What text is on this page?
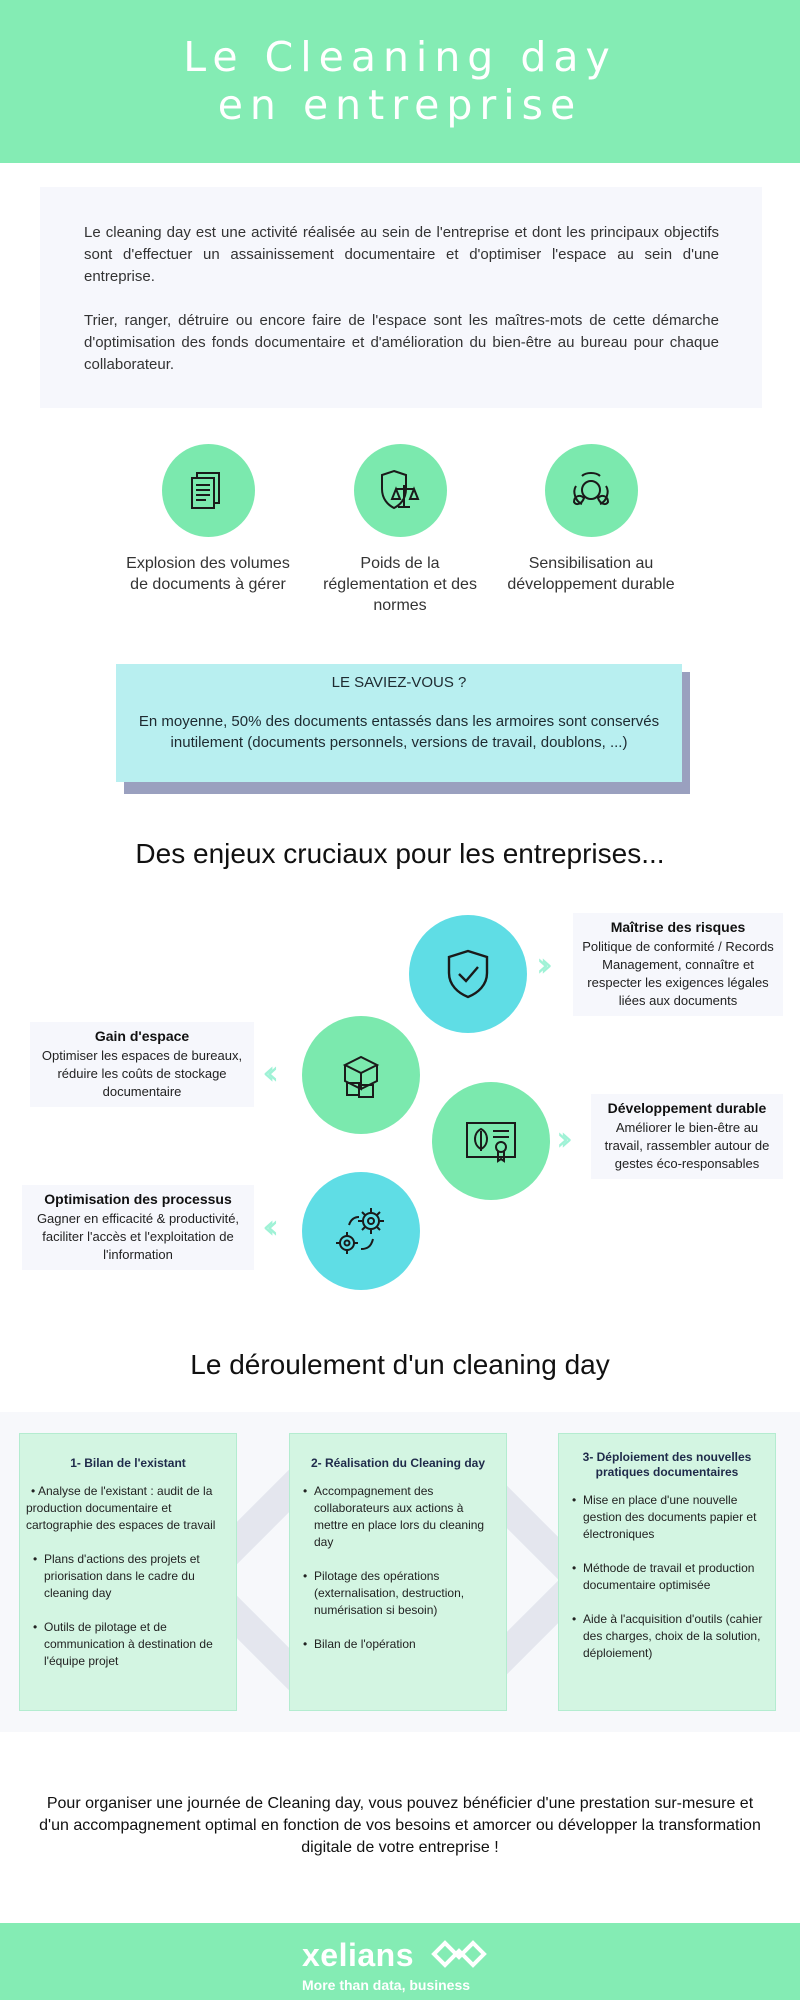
Le Cleaning day
en entreprise

Le cleaning day est une activité réalisée au sein de l'entreprise et dont les principaux objectifs sont d'effectuer un assainissement documentaire et d'optimiser l'espace au sein d'une entreprise.

Trier, ranger, détruire ou encore faire de l'espace sont les maîtres-mots de cette démarche d'optimisation des fonds documentaire et d'amélioration du bien-être au bureau pour chaque collaborateur.

Explosion des volumes de documents à gérer
Poids de la réglementation et des normes
Sensibilisation au développement durable
LE SAVIEZ-VOUS ?
En moyenne, 50% des documents entassés dans les armoires sont conservés inutilement (documents personnels, versions de travail, doublons, ...)
Des enjeux cruciaux pour les entreprises...
››
Maîtrise des risques
Politique de conformité / Records Management, connaître et respecter les exigences légales liées aux documents
‹‹
Gain d'espace
Optimiser les espaces de bureaux, réduire les coûts de stockage documentaire
››
Développement durable
Améliorer le bien-être au travail, rassembler autour de gestes éco-responsables
‹‹
Optimisation des processus
Gagner en efficacité & productivité, faciliter l'accès et l'exploitation de l'information
Le déroulement d'un cleaning day
1- Bilan de l'existant
• Analyse de l'existant : audit de la production documentaire et cartographie des espaces de travail
• Plans d'actions des projets et priorisation dans le cadre du cleaning day
• Outils de pilotage et de communication à destination de l'équipe projet
2- Réalisation du Cleaning day
• Accompagnement des collaborateurs aux actions à mettre en place lors du cleaning day
• Pilotage des opérations (externalisation, destruction, numérisation si besoin)
• Bilan de l'opération
3- Déploiement des nouvelles pratiques documentaires
• Mise en place d'une nouvelle gestion des documents papier et électroniques
• Méthode de travail et production documentaire optimisée
• Aide à l'acquisition d'outils (cahier des charges, choix de la solution, déploiement)
Pour organiser une journée de Cleaning day, vous pouvez bénéficier d'une prestation sur-mesure et d'un accompagnement optimal en fonction de vos besoins et amorcer ou développer la transformation digitale de votre entreprise !
xelians
More than data, business
